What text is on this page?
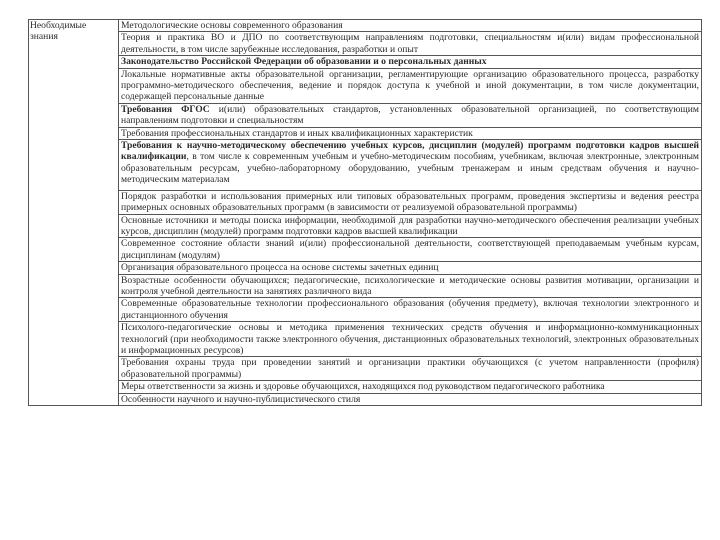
Необходимые знания	Методологические основы современного образования
Теория и практика ВО и ДПО по соответствующим направлениям подготовки, специальностям и(или) видам профессиональной деятельности, в том числе зарубежные исследования, разработки и опыт
Законодательство Российской Федерации об образовании и о персональных данных
Локальные нормативные акты образовательной организации, регламентирующие организацию образовательного процесса, разработку программно-методического обеспечения, ведение и порядок доступа к учебной и иной документации, в том числе документации, содержащей персональные данные
Требования ФГОС и(или) образовательных стандартов, установленных образовательной организацией, по соответствующим направлениям подготовки и специальностям
Требования профессиональных стандартов и иных квалификационных характеристик
Требования к научно-методическому обеспечению учебных курсов, дисциплин (модулей) программ подготовки кадров высшей квалификации, в том числе к современным учебным и учебно-методическим пособиям, учебникам, включая электронные, электронным образовательным ресурсам, учебно-лабораторному оборудованию, учебным тренажерам и иным средствам обучения и научно-методическим материалам
Порядок разработки и использования примерных или типовых образовательных программ, проведения экспертизы и ведения реестра примерных основных образовательных программ (в зависимости от реализуемой образовательной программы)
Основные источники и методы поиска информации, необходимой для разработки научно-методического обеспечения реализации учебных курсов, дисциплин (модулей) программ подготовки кадров высшей квалификации
Современное состояние области знаний и(или) профессиональной деятельности, соответствующей преподаваемым учебным курсам, дисциплинам (модулям)
Организация образовательного процесса на основе системы зачетных единиц
Возрастные особенности обучающихся; педагогические, психологические и методические основы развития мотивации, организации и контроля учебной деятельности на занятиях различного вида
Современные образовательные технологии профессионального образования (обучения предмету), включая технологии электронного и дистанционного обучения
Психолого-педагогические основы и методика применения технических средств обучения и информационно-коммуникационных технологий (при необходимости также электронного обучения, дистанционных образовательных технологий, электронных образовательных и информационных ресурсов)
Требования охраны труда при проведении занятий и организации практики обучающихся (с учетом направленности (профиля) образовательной программы)
Меры ответственности за жизнь и здоровье обучающихся, находящихся под руководством педагогического работника
Особенности научного и научно-публицистического стиля
